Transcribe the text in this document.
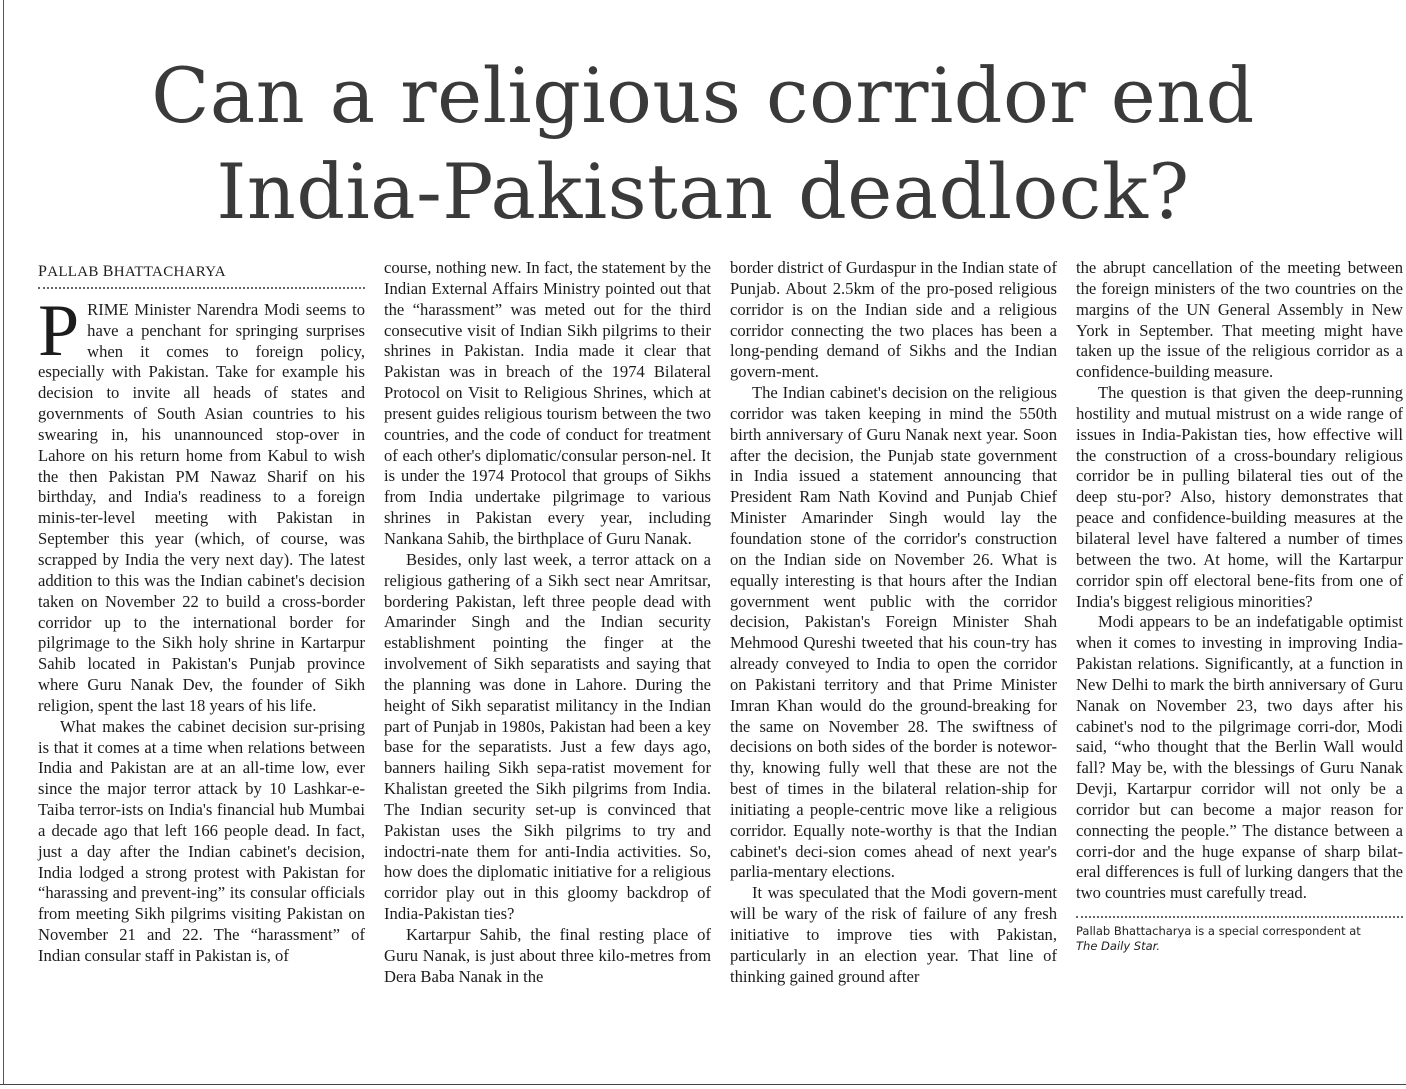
Can a religious corridor end
India-Pakistan deadlock?
PALLAB BHATTACHARYA

P RIME Minister Narendra Modi seems to have a penchant for springing surprises when it comes to foreign policy, especially with Pakistan. Take for example his decision to invite all heads of states and governments of South Asian countries to his swearing in, his unannounced stop-over in Lahore on his return home from Kabul to wish the then Pakistan PM Nawaz Sharif on his birthday, and India's readiness to a foreign minis-ter-level meeting with Pakistan in September this year (which, of course, was scrapped by India the very next day). The latest addition to this was the Indian cabinet's decision taken on November 22 to build a cross-border corridor up to the international border for pilgrimage to the Sikh holy shrine in Kartarpur Sahib located in Pakistan's Punjab province where Guru Nanak Dev, the founder of Sikh religion, spent the last 18 years of his life.

What makes the cabinet decision sur-prising is that it comes at a time when relations between India and Pakistan are at an all-time low, ever since the major terror attack by 10 Lashkar-e-Taiba terror-ists on India's financial hub Mumbai a decade ago that left 166 people dead. In fact, just a day after the Indian cabinet's decision, India lodged a strong protest with Pakistan for “harassing and prevent-ing” its consular officials from meeting Sikh pilgrims visiting Pakistan on November 21 and 22. The “harassment” of Indian consular staff in Pakistan is, of

course, nothing new. In fact, the statement by the Indian External Affairs Ministry pointed out that the “harassment” was meted out for the third consecutive visit of Indian Sikh pilgrims to their shrines in Pakistan. India made it clear that Pakistan was in breach of the 1974 Bilateral Protocol on Visit to Religious Shrines, which at present guides religious tourism between the two countries, and the code of conduct for treatment of each other's diplomatic/consular person-nel. It is under the 1974 Protocol that groups of Sikhs from India undertake pilgrimage to various shrines in Pakistan every year, including Nankana Sahib, the birthplace of Guru Nanak.

Besides, only last week, a terror attack on a religious gathering of a Sikh sect near Amritsar, bordering Pakistan, left three people dead with Amarinder Singh and the Indian security establishment pointing the finger at the involvement of Sikh separatists and saying that the planning was done in Lahore. During the height of Sikh separatist militancy in the Indian part of Punjab in 1980s, Pakistan had been a key base for the separatists. Just a few days ago, banners hailing Sikh sepa-ratist movement for Khalistan greeted the Sikh pilgrims from India. The Indian security set-up is convinced that Pakistan uses the Sikh pilgrims to try and indoctri-nate them for anti-India activities. So, how does the diplomatic initiative for a religious corridor play out in this gloomy backdrop of India-Pakistan ties?

Kartarpur Sahib, the final resting place of Guru Nanak, is just about three kilo-metres from Dera Baba Nanak in the

border district of Gurdaspur in the Indian state of Punjab. About 2.5km of the pro-posed religious corridor is on the Indian side and a religious corridor connecting the two places has been a long-pending demand of Sikhs and the Indian govern-ment.

The Indian cabinet's decision on the religious corridor was taken keeping in mind the 550th birth anniversary of Guru Nanak next year. Soon after the decision, the Punjab state government in India issued a statement announcing that President Ram Nath Kovind and Punjab Chief Minister Amarinder Singh would lay the foundation stone of the corridor's construction on the Indian side on November 26. What is equally interesting is that hours after the Indian government went public with the corridor decision, Pakistan's Foreign Minister Shah Mehmood Qureshi tweeted that his coun-try has already conveyed to India to open the corridor on Pakistani territory and that Prime Minister Imran Khan would do the ground-breaking for the same on November 28. The swiftness of decisions on both sides of the border is notewor-thy, knowing fully well that these are not the best of times in the bilateral relation-ship for initiating a people-centric move like a religious corridor. Equally note-worthy is that the Indian cabinet's deci-sion comes ahead of next year's parlia-mentary elections.

It was speculated that the Modi govern-ment will be wary of the risk of failure of any fresh initiative to improve ties with Pakistan, particularly in an election year. That line of thinking gained ground after

the abrupt cancellation of the meeting between the foreign ministers of the two countries on the margins of the UN General Assembly in New York in September. That meeting might have taken up the issue of the religious corridor as a confidence-building measure.

The question is that given the deep-running hostility and mutual mistrust on a wide range of issues in India-Pakistan ties, how effective will the construction of a cross-boundary religious corridor be in pulling bilateral ties out of the deep stu-por? Also, history demonstrates that peace and confidence-building measures at the bilateral level have faltered a number of times between the two. At home, will the Kartarpur corridor spin off electoral bene-fits from one of India's biggest religious minorities?

Modi appears to be an indefatigable optimist when it comes to investing in improving India-Pakistan relations. Significantly, at a function in New Delhi to mark the birth anniversary of Guru Nanak on November 23, two days after his cabinet's nod to the pilgrimage corri-dor, Modi said, “who thought that the Berlin Wall would fall? May be, with the blessings of Guru Nanak Devji, Kartarpur corridor will not only be a corridor but can become a major reason for connecting the people.” The distance between a corri-dor and the huge expanse of sharp bilat-eral differences is full of lurking dangers that the two countries must carefully tread.

Pallab Bhattacharya is a special correspondent at
The Daily Star.
